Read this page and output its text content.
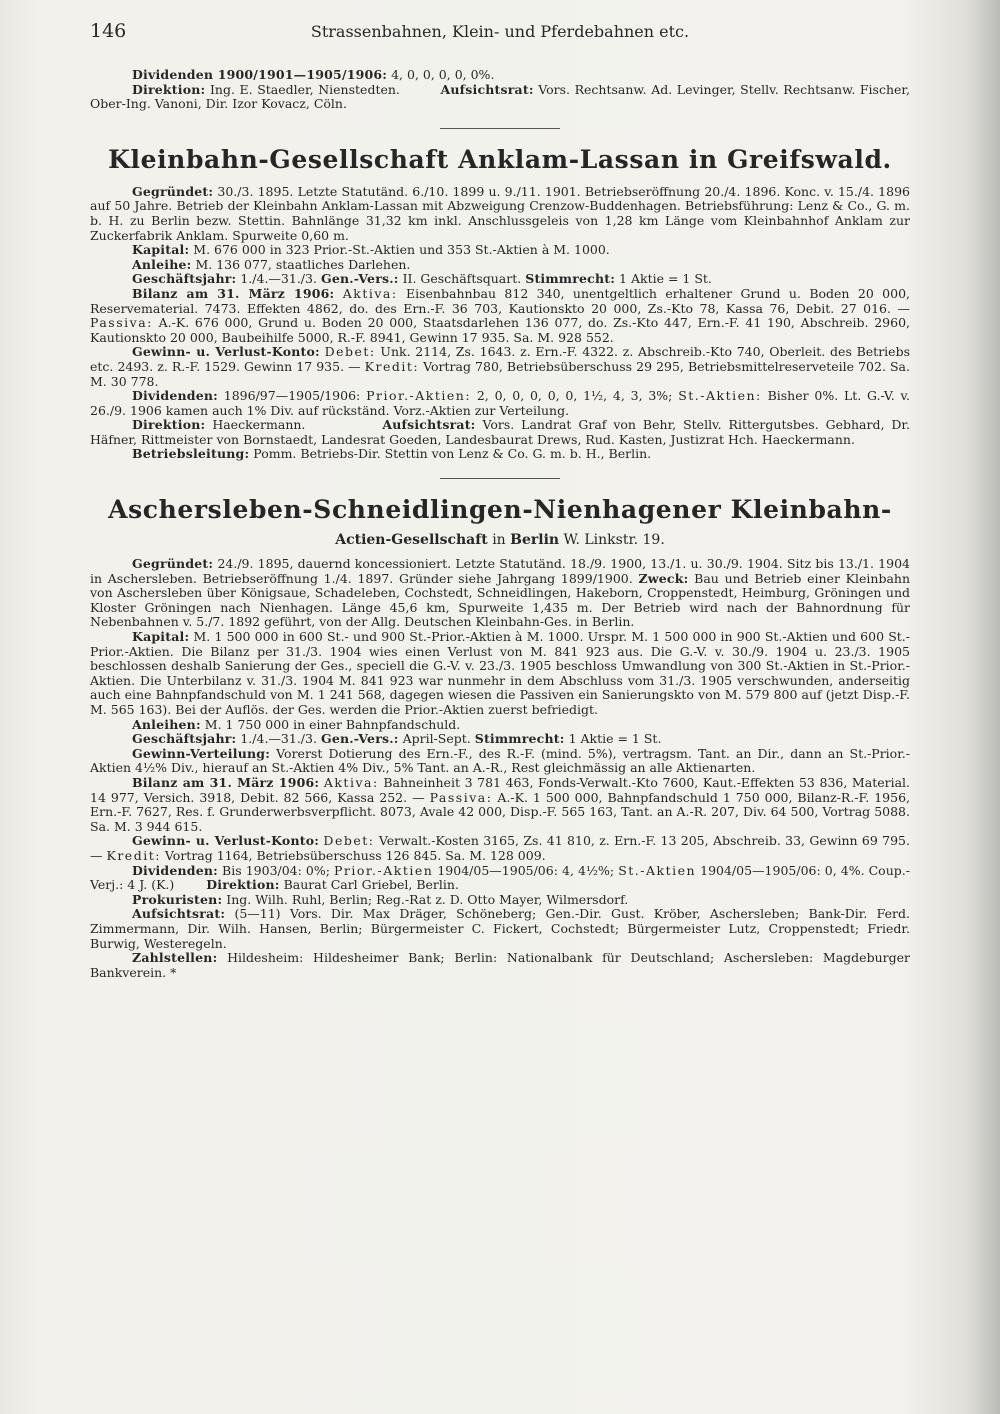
146	Strassenbahnen, Klein- und Pferdebahnen etc.

Dividenden 1900/1901—1905/1906: 4, 0, 0, 0, 0, 0%.

Direktion: Ing. E. Staedler, Nienstedten.	Aufsichtsrat: Vors. Rechtsanw. Ad. Levinger, Stellv. Rechtsanw. Fischer, Ober-Ing. Vanoni, Dir. Izor Kovacz, Cöln.

Kleinbahn-Gesellschaft Anklam-Lassan in Greifswald.

Gegründet: 30./3. 1895. Letzte Statutänd. 6./10. 1899 u. 9./11. 1901. Betriebseröffnung 20./4. 1896. Konc. v. 15./4. 1896 auf 50 Jahre. Betrieb der Kleinbahn Anklam-Lassan mit Abzweigung Crenzow-Buddenhagen. Betriebsführung: Lenz & Co., G. m. b. H. zu Berlin bezw. Stettin. Bahnlänge 31,32 km inkl. Anschlussgeleis von 1,28 km Länge vom Kleinbahnhof Anklam zur Zuckerfabrik Anklam. Spurweite 0,60 m.

Kapital: M. 676 000 in 323 Prior.-St.-Aktien und 353 St.-Aktien à M. 1000.

Anleihe: M. 136 077, staatliches Darlehen.

Geschäftsjahr: 1./4.—31./3. Gen.-Vers.: II. Geschäftsquart. Stimmrecht: 1 Aktie = 1 St.

Bilanz am 31. März 1906: Aktiva: Eisenbahnbau 812 340, unentgeltlich erhaltener Grund u. Boden 20 000, Reservematerial. 7473. Effekten 4862, do. des Ern.-F. 36 703, Kautionskto 20 000, Zs.-Kto 78, Kassa 76, Debit. 27 016. — Passiva: A.-K. 676 000, Grund u. Boden 20 000, Staatsdarlehen 136 077, do. Zs.-Kto 447, Ern.-F. 41 190, Abschreib. 2960, Kautionskto 20 000, Baubeihilfe 5000, R.-F. 8941, Gewinn 17 935. Sa. M. 928 552.

Gewinn- u. Verlust-Konto: Debet: Unk. 2114, Zs. 1643. z. Ern.-F. 4322. z. Abschreib.-Kto 740, Oberleit. des Betriebs etc. 2493. z. R.-F. 1529. Gewinn 17 935. — Kredit: Vortrag 780, Betriebsüberschuss 29 295, Betriebsmittelreserveteile 702. Sa. M. 30 778.

Dividenden: 1896/97—1905/1906: Prior.-Aktien: 2, 0, 0, 0, 0, 0, 1½, 4, 3, 3%; St.-Aktien: Bisher 0%. Lt. G.-V. v. 26./9. 1906 kamen auch 1% Div. auf rückständ. Vorz.-Aktien zur Verteilung.

Direktion: Haeckermann.	Aufsichtsrat: Vors. Landrat Graf von Behr, Stellv. Rittergutsbes. Gebhard, Dr. Häfner, Rittmeister von Bornstaedt, Landesrat Goeden, Landesbaurat Drews, Rud. Kasten, Justizrat Hch. Haeckermann.

Betriebsleitung: Pomm. Betriebs-Dir. Stettin von Lenz & Co. G. m. b. H., Berlin.

Aschersleben-Schneidlingen-Nienhagener Kleinbahn-
Actien-Gesellschaft in Berlin W. Linkstr. 19.

Gegründet: 24./9. 1895, dauernd koncessioniert. Letzte Statutänd. 18./9. 1900, 13./1. u. 30./9. 1904. Sitz bis 13./1. 1904 in Aschersleben. Betriebseröffnung 1./4. 1897. Gründer siehe Jahrgang 1899/1900. Zweck: Bau und Betrieb einer Kleinbahn von Aschersleben über Königsaue, Schadeleben, Cochstedt, Schneidlingen, Hakeborn, Croppenstedt, Heimburg, Gröningen und Kloster Gröningen nach Nienhagen. Länge 45,6 km, Spurweite 1,435 m. Der Betrieb wird nach der Bahnordnung für Nebenbahnen v. 5./7. 1892 geführt, von der Allg. Deutschen Kleinbahn-Ges. in Berlin.

Kapital: M. 1 500 000 in 600 St.- und 900 St.-Prior.-Aktien à M. 1000. Urspr. M. 1 500 000 in 900 St.-Aktien und 600 St.-Prior.-Aktien. Die Bilanz per 31./3. 1904 wies einen Verlust von M. 841 923 aus. Die G.-V. v. 30./9. 1904 u. 23./3. 1905 beschlossen deshalb Sanierung der Ges., speciell die G.-V. v. 23./3. 1905 beschloss Umwandlung von 300 St.-Aktien in St.-Prior.-Aktien. Die Unterbilanz v. 31./3. 1904 M. 841 923 war nunmehr in dem Abschluss vom 31./3. 1905 verschwunden, anderseitig auch eine Bahnpfandschuld von M. 1 241 568, dagegen wiesen die Passiven ein Sanierungskto von M. 579 800 auf (jetzt Disp.-F. M. 565 163). Bei der Auflös. der Ges. werden die Prior.-Aktien zuerst befriedigt.

Anleihen: M. 1 750 000 in einer Bahnpfandschuld.

Geschäftsjahr: 1./4.—31./3. Gen.-Vers.: April-Sept. Stimmrecht: 1 Aktie = 1 St.

Gewinn-Verteilung: Vorerst Dotierung des Ern.-F., des R.-F. (mind. 5%), vertragsm. Tant. an Dir., dann an St.-Prior.-Aktien 4½% Div., hierauf an St.-Aktien 4% Div., 5% Tant. an A.-R., Rest gleichmässig an alle Aktienarten.

Bilanz am 31. März 1906: Aktiva: Bahneinheit 3 781 463, Fonds-Verwalt.-Kto 7600, Kaut.-Effekten 53 836, Material. 14 977, Versich. 3918, Debit. 82 566, Kassa 252. — Passiva: A.-K. 1 500 000, Bahnpfandschuld 1 750 000, Bilanz-R.-F. 1956, Ern.-F. 7627, Res. f. Grunderwerbsverpflicht. 8073, Avale 42 000, Disp.-F. 565 163, Tant. an A.-R. 207, Div. 64 500, Vortrag 5088. Sa. M. 3 944 615.

Gewinn- u. Verlust-Konto: Debet: Verwalt.-Kosten 3165, Zs. 41 810, z. Ern.-F. 13 205, Abschreib. 33, Gewinn 69 795. — Kredit: Vortrag 1164, Betriebsüberschuss 126 845. Sa. M. 128 009.

Dividenden: Bis 1903/04: 0%; Prior.-Aktien 1904/05—1905/06: 4, 4½%; St.-Aktien 1904/05—1905/06: 0, 4%. Coup.-Verj.: 4 J. (K.)	Direktion: Baurat Carl Griebel, Berlin.

Prokuristen: Ing. Wilh. Ruhl, Berlin; Reg.-Rat z. D. Otto Mayer, Wilmersdorf.

Aufsichtsrat: (5—11) Vors. Dir. Max Dräger, Schöneberg; Gen.-Dir. Gust. Kröber, Aschersleben; Bank-Dir. Ferd. Zimmermann, Dir. Wilh. Hansen, Berlin; Bürgermeister C. Fickert, Cochstedt; Bürgermeister Lutz, Croppenstedt; Friedr. Burwig, Westeregeln.

Zahlstellen: Hildesheim: Hildesheimer Bank; Berlin: Nationalbank für Deutschland; Aschersleben: Magdeburger Bankverein. *
